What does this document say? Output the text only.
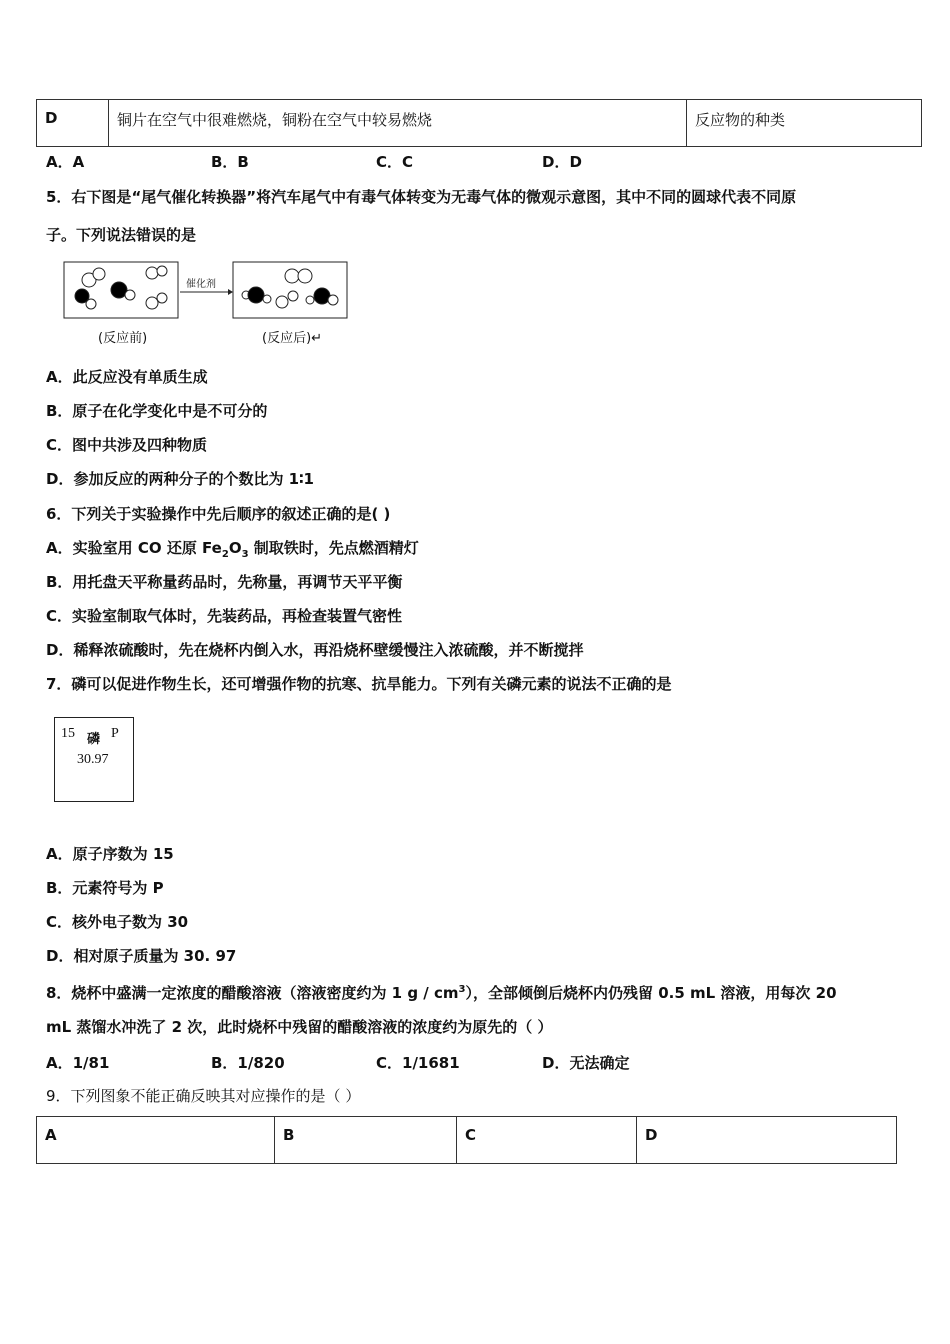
D	铜片在空气中很难燃烧，铜粉在空气中较易燃烧	反应物的种类
A．A	B．B	C．C	D．D
5．右下图是“尾气催化转换器”将汽车尾气中有毒气体转变为无毒气体的微观示意图，其中不同的圆球代表不同原
子。下列说法错误的是
催化剂
(反应前)	(反应后)↵
A．此反应没有单质生成
B．原子在化学变化中是不可分的
C．图中共涉及四种物质
D．参加反应的两种分子的个数比为 1∶1
6．下列关于实验操作中先后顺序的叙述正确的是( )
A．实验室用 CO 还原 $Fe_2O_3$ 制取铁时，先点燃酒精灯
B．用托盘天平称量药品时，先称量，再调节天平平衡
C．实验室制取气体时，先装药品，再检查装置气密性
D．稀释浓硫酸时，先在烧杯内倒入水，再沿烧杯壁缓慢注入浓硫酸，并不断搅拌
7．磷可以促进作物生长，还可增强作物的抗寒、抗旱能力。下列有关磷元素的说法不正确的是
15 磷 P
30.97
A．原子序数为 15
B．元素符号为 P
C．核外电子数为 30
D．相对原子质量为 30. 97
8．烧杯中盛满一定浓度的醋酸溶液（溶液密度约为 1 g / $cm^3$），全部倾倒后烧杯内仍残留 0.5 mL 溶液，用每次 20
mL 蒸馏水冲洗了 2 次，此时烧杯中残留的醋酸溶液的浓度约为原先的（ ）
A．1/81	B．1/820	C．1/1681	D．无法确定
9．下列图象不能正确反映其对应操作的是（ ）
A	B	C	D
